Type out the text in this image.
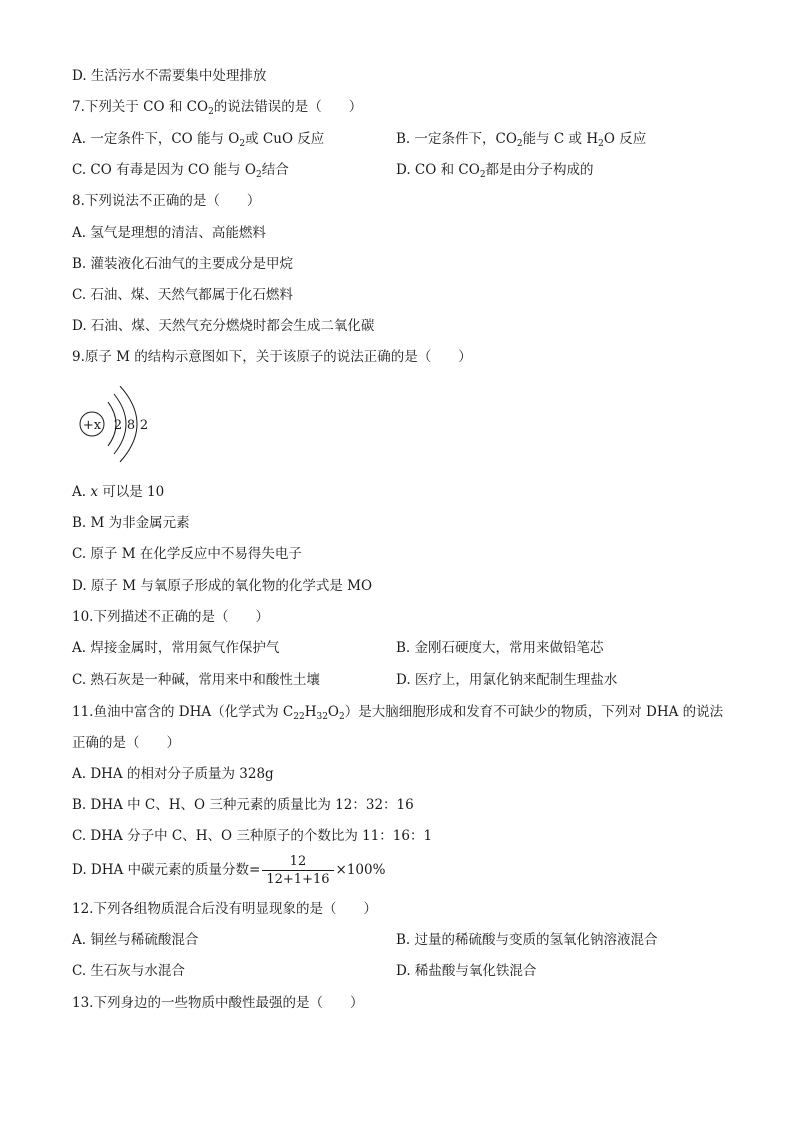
D. 生活污水不需要集中处理排放
7.下列关于 CO 和 $CO_2$的说法错误的是（　　）
A. 一定条件下，CO 能与 $O_2$或 CuO 反应	B. 一定条件下，$CO_2$能与 C 或 $H_2O$ 反应
C. CO 有毒是因为 CO 能与 $O_2$结合	D. CO 和 $CO_2$都是由分子构成的
8.下列说法不正确的是（　　）
A. 氢气是理想的清洁、高能燃料
B. 灌装液化石油气的主要成分是甲烷
C. 石油、煤、天然气都属于化石燃料
D. 石油、煤、天然气充分燃烧时都会生成二氧化碳
9.原子 M 的结构示意图如下，关于该原子的说法正确的是（　　）
+x 2 8 2
A. x 可以是 10
B. M 为非金属元素
C. 原子 M 在化学反应中不易得失电子
D. 原子 M 与氧原子形成的氧化物的化学式是 MO
10.下列描述不正确的是（　　）
A. 焊接金属时，常用氮气作保护气	B. 金刚石硬度大，常用来做铅笔芯
C. 熟石灰是一种碱，常用来中和酸性土壤	D. 医疗上，用氯化钠来配制生理盐水
11.鱼油中富含的 DHA（化学式为 $C_{22}H_{32}O_2$）是大脑细胞形成和发育不可缺少的物质，下列对 DHA 的说法
正确的是（　　）
A. DHA 的相对分子质量为 328g
B. DHA 中 C、H、O 三种元素的质量比为 12：32：16
C. DHA 分子中 C、H、O 三种原子的个数比为 11：16：1
D. DHA 中碳元素的质量分数= $\frac{12}{12+1+16} \times 100\%$
12.下列各组物质混合后没有明显现象的是（　　）
A. 铜丝与稀硫酸混合	B. 过量的稀硫酸与变质的氢氧化钠溶液混合
C. 生石灰与水混合	D. 稀盐酸与氧化铁混合
13.下列身边的一些物质中酸性最强的是（　　）
